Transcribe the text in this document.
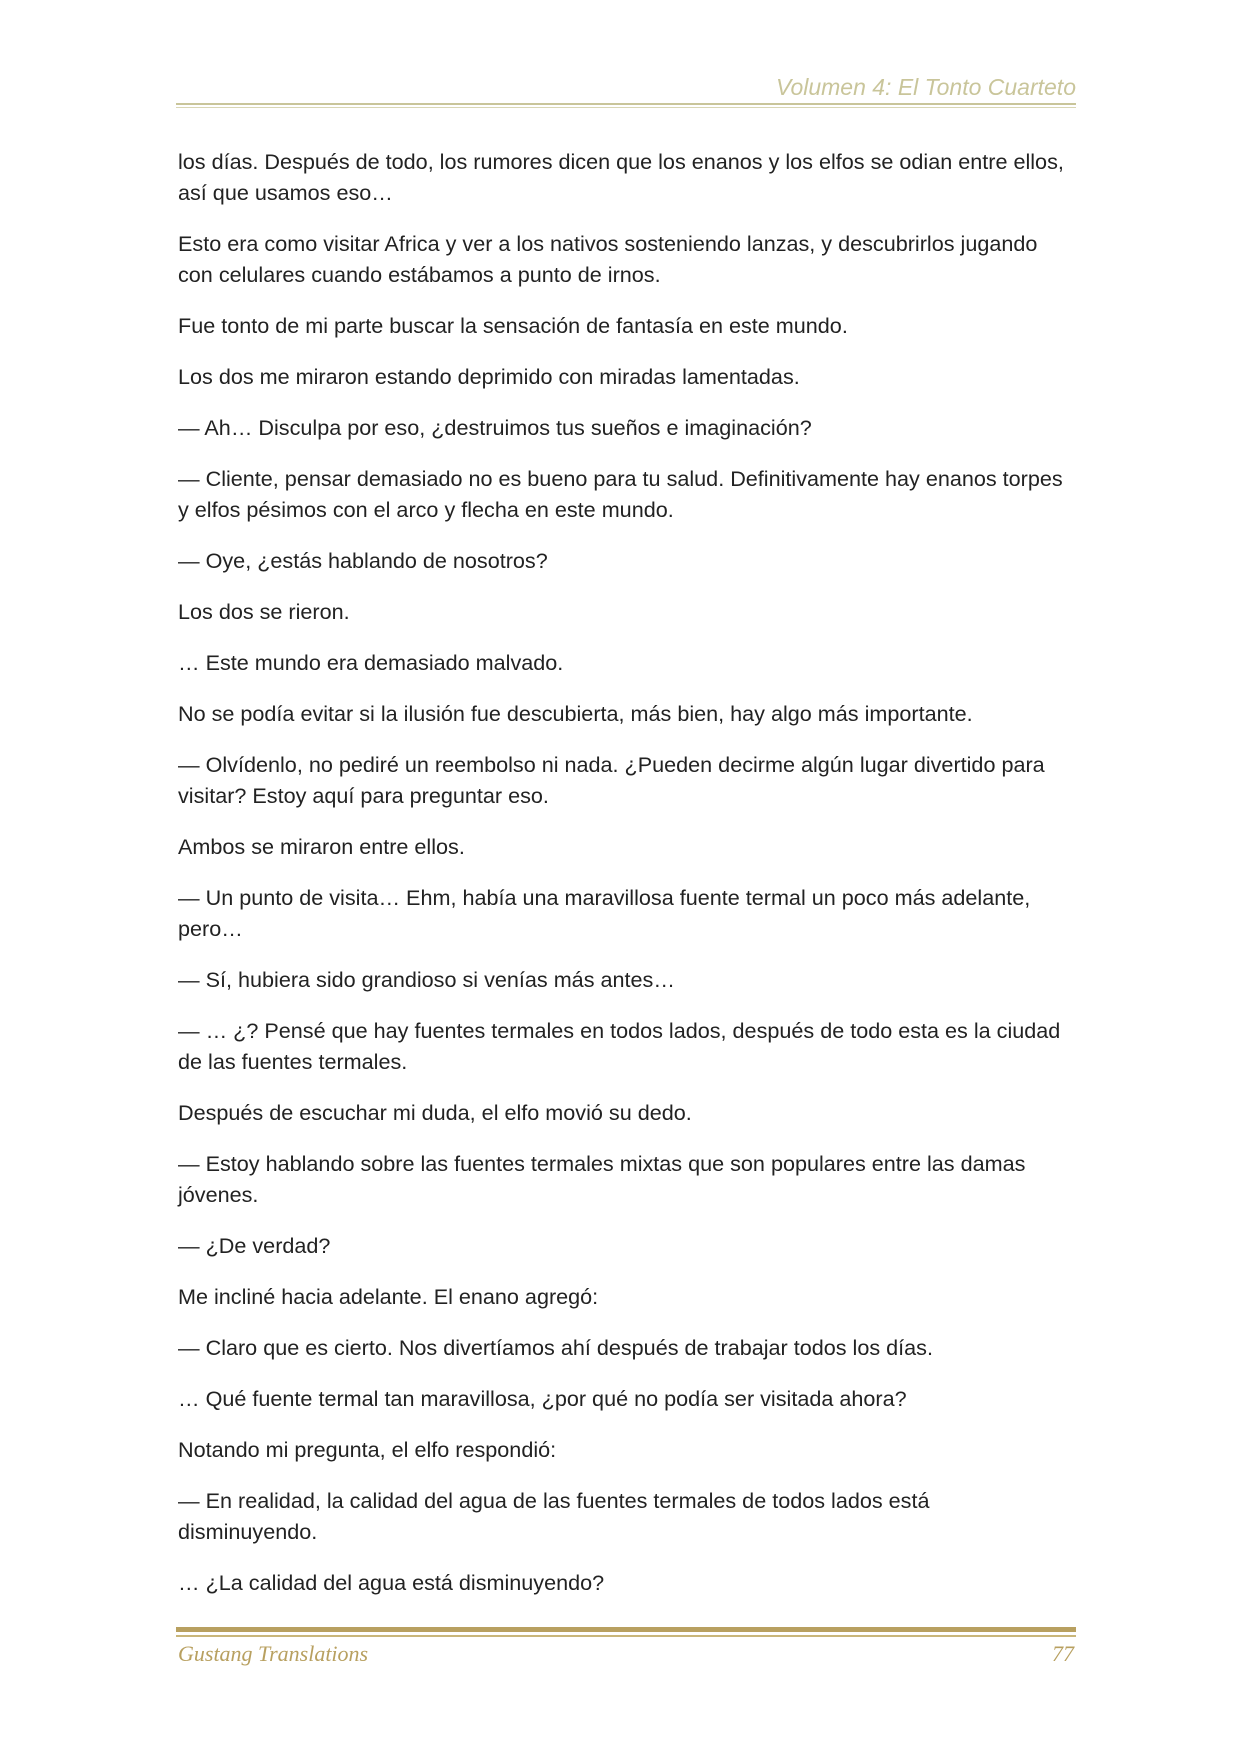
Volumen 4: El Tonto Cuarteto

los días. Después de todo, los rumores dicen que los enanos y los elfos se odian entre ellos, así que usamos eso…

Esto era como visitar Africa y ver a los nativos sosteniendo lanzas, y descubrirlos jugando con celulares cuando estábamos a punto de irnos.

Fue tonto de mi parte buscar la sensación de fantasía en este mundo.

Los dos me miraron estando deprimido con miradas lamentadas.

— Ah… Disculpa por eso, ¿destruimos tus sueños e imaginación?

— Cliente, pensar demasiado no es bueno para tu salud. Definitivamente hay enanos torpes y elfos pésimos con el arco y flecha en este mundo.

— Oye, ¿estás hablando de nosotros?

Los dos se rieron.

… Este mundo era demasiado malvado.

No se podía evitar si la ilusión fue descubierta, más bien, hay algo más importante.

— Olvídenlo, no pediré un reembolso ni nada. ¿Pueden decirme algún lugar divertido para visitar? Estoy aquí para preguntar eso.

Ambos se miraron entre ellos.

— Un punto de visita… Ehm, había una maravillosa fuente termal un poco más adelante, pero…

— Sí, hubiera sido grandioso si venías más antes…

— … ¿? Pensé que hay fuentes termales en todos lados, después de todo esta es la ciudad de las fuentes termales.

Después de escuchar mi duda, el elfo movió su dedo.

— Estoy hablando sobre las fuentes termales mixtas que son populares entre las damas jóvenes.

— ¿De verdad?

Me incliné hacia adelante. El enano agregó:

— Claro que es cierto. Nos divertíamos ahí después de trabajar todos los días.

… Qué fuente termal tan maravillosa, ¿por qué no podía ser visitada ahora?

Notando mi pregunta, el elfo respondió:

— En realidad, la calidad del agua de las fuentes termales de todos lados está disminuyendo.

… ¿La calidad del agua está disminuyendo?

Gustang Translations	77
